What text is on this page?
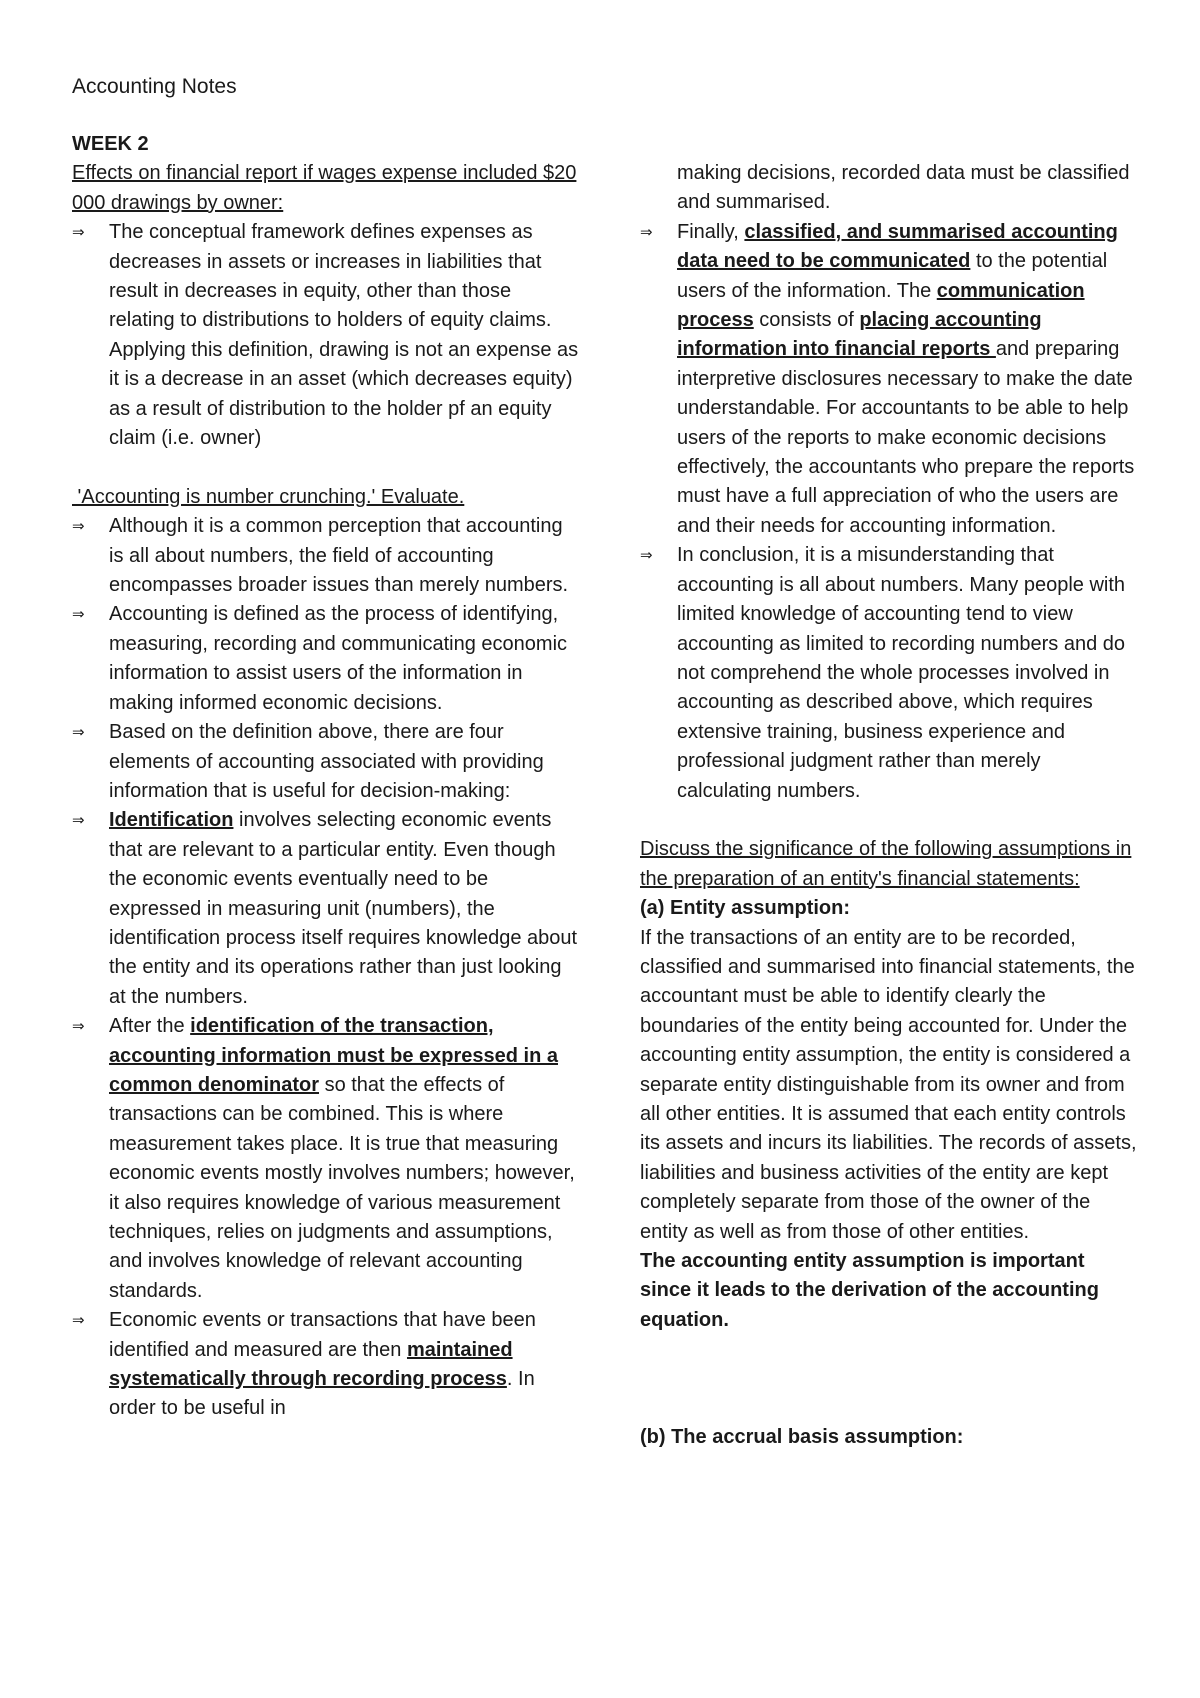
Accounting Notes
WEEK 2
Effects on financial report if wages expense included $20 000 drawings by owner:
⇒ The conceptual framework defines expenses as decreases in assets or increases in liabilities that result in decreases in equity, other than those relating to distributions to holders of equity claims. Applying this definition, drawing is not an expense as it is a decrease in an asset (which decreases equity) as a result of distribution to the holder pf an equity claim (i.e. owner)
'Accounting is number crunching.' Evaluate.
⇒ Although it is a common perception that accounting is all about numbers, the field of accounting encompasses broader issues than merely numbers.
⇒ Accounting is defined as the process of identifying, measuring, recording and communicating economic information to assist users of the information in making informed economic decisions.
⇒ Based on the definition above, there are four elements of accounting associated with providing information that is useful for decision-making:
⇒ Identification involves selecting economic events that are relevant to a particular entity. Even though the economic events eventually need to be expressed in measuring unit (numbers), the identification process itself requires knowledge about the entity and its operations rather than just looking at the numbers.
⇒ After the identification of the transaction, accounting information must be expressed in a common denominator so that the effects of transactions can be combined. This is where measurement takes place. It is true that measuring economic events mostly involves numbers; however, it also requires knowledge of various measurement techniques, relies on judgments and assumptions, and involves knowledge of relevant accounting standards.
⇒ Economic events or transactions that have been identified and measured are then maintained systematically through recording process. In order to be useful in
making decisions, recorded data must be classified and summarised.
⇒ Finally, classified, and summarised accounting data need to be communicated to the potential users of the information. The communication process consists of placing accounting information into financial reports and preparing interpretive disclosures necessary to make the date understandable. For accountants to be able to help users of the reports to make economic decisions effectively, the accountants who prepare the reports must have a full appreciation of who the users are and their needs for accounting information.
⇒ In conclusion, it is a misunderstanding that accounting is all about numbers. Many people with limited knowledge of accounting tend to view accounting as limited to recording numbers and do not comprehend the whole processes involved in accounting as described above, which requires extensive training, business experience and professional judgment rather than merely calculating numbers.
Discuss the significance of the following assumptions in the preparation of an entity's financial statements:
(a) Entity assumption:
If the transactions of an entity are to be recorded, classified and summarised into financial statements, the accountant must be able to identify clearly the boundaries of the entity being accounted for. Under the accounting entity assumption, the entity is considered a separate entity distinguishable from its owner and from all other entities. It is assumed that each entity controls its assets and incurs its liabilities. The records of assets, liabilities and business activities of the entity are kept completely separate from those of the owner of the entity as well as from those of other entities.
The accounting entity assumption is important since it leads to the derivation of the accounting equation.
(b) The accrual basis assumption:
